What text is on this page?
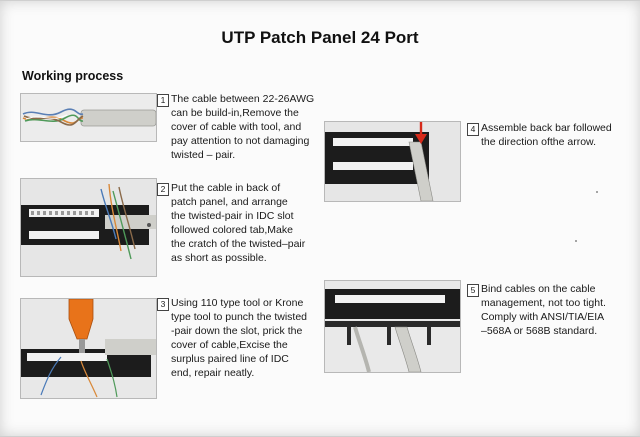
UTP Patch Panel 24 Port
Working process
1 The cable between 22-26AWG
can be build-in,Remove the
cover of cable with tool, and
pay attention to not damaging
twisted – pair.
2 Put the cable in back of
patch panel, and arrange
the twisted-pair in IDC slot
followed colored tab,Make
the cratch of the twisted–pair
as short as possible.
3 Using 110 type tool or Krone
type tool to punch the twisted
-pair down the slot, prick the
cover of cable,Excise the
surplus paired line of IDC
end, repair neatly.
4 Assemble back bar followed
the direction ofthe arrow.
5 Bind cables on the cable
management, not too tight.
Comply with ANSI/TIA/EIA
–568A or 568B standard.
